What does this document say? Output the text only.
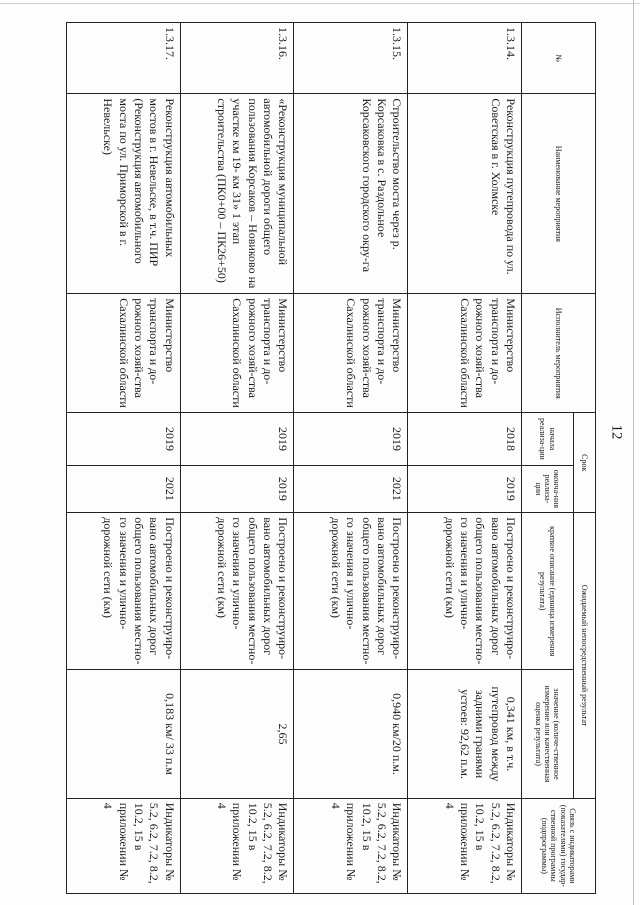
12
№	Наименование мероприятия	Исполнитель мероприятия	Срок		Ожидаемый непосредственный результат		Связь с индикаторами (показателями) государ-ственной программы (подпрограммы)
			начала реализа-ции	оконча-ния реализа-ции	краткое описание (единица измерения результата)	значение (количе-ственное измерение или качественная оценка результата)	
1.3.14.	Реконструкция путепровода по ул. Советская в г. Холмске	Министерство транспорта и до-рожного хозяй-ства Сахалинской области	2018	2019	Построено и реконструиро-вано автомобильных дорог общего пользования местно-го значения и улично-дорожной сети (км)	0,341 км, в т.ч. путепровод между задними гранями устоев: 92,62 п.м.	Индикаторы № 5.2, 6.2, 7.2, 8.2, 10.2, 15 в приложении № 4
1.3.15.	Строительство моста через р. Корсаковка в с. Раздольное Корсаковского городского окру-га	Министерство транспорта и до-рожного хозяй-ства Сахалинской области	2019	2021	Построено и реконструиро-вано автомобильных дорог общего пользования местно-го значения и улично-дорожной сети (км)	0,940 км/20 п.м.	Индикаторы № 5.2, 6.2, 7.2, 8.2, 10.2, 15 в приложении № 4
1.3.16.	«Реконструкция муниципальной автомобильной дороги общего пользования Корсаков – Новиково на участке км 19- км 31» 1 этап строительства (ПК0+00 – ПК26+50)	Министерство транспорта и до-рожного хозяй-ства Сахалинской области	2019	2019	Построено и реконструиро-вано автомобильных дорог общего пользования местно-го значения и улично-дорожной сети (км)	2,65	Индикаторы № 5.2, 6.2, 7.2, 8.2, 10.2, 15 в приложении № 4
1.3.17.	Реконструкция автомобильных мостов в г. Невельске, в т.ч. ПИР (Реконструкция автомобильного моста по ул. Приморской в г. Невельске)	Министерство транспорта и до-рожного хозяй-ства Сахалинской области	2019	2021	Построено и реконструиро-вано автомобильных дорог общего пользования местно-го значения и улично-дорожной сети (км)	0,183 км/ 33 п.м	Индикаторы № 5.2, 6.2, 7.2, 8.2, 10.2, 15 в приложении № 4
